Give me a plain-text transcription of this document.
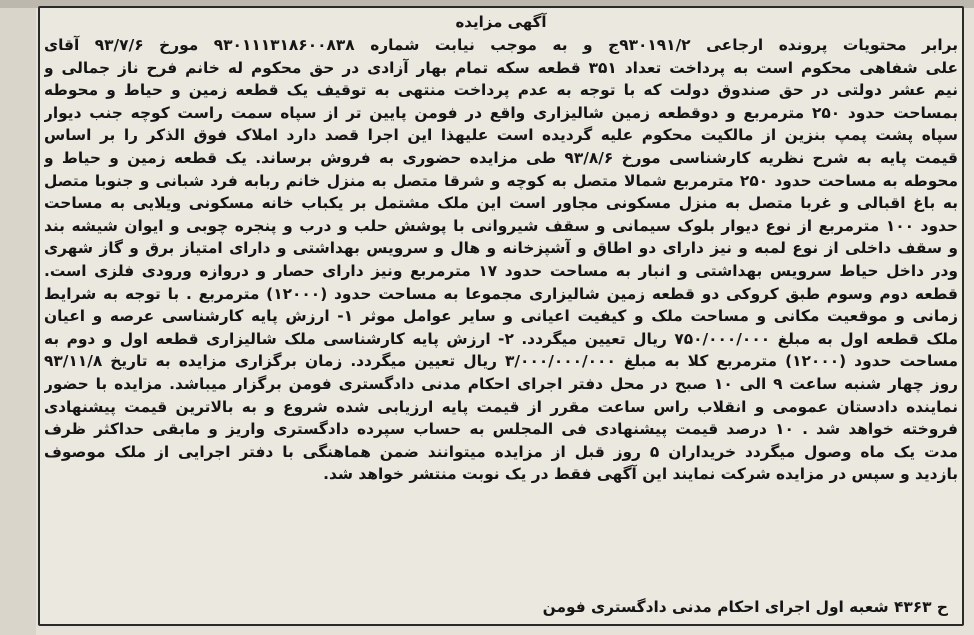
آگهی مزایده
برابر محتویات پرونده ارجاعی ۹۳۰۱۹۱/۲ج و به موجب نیابت شماره ۹۳۰۱۱۱۳۱۸۶۰۰۸۳۸ مورخ ۹۳/۷/۶ آقای
علی شفاهی محکوم است به پرداخت تعداد ۳۵۱ قطعه سکه تمام بهار آزادی در حق محکوم له خانم فرح ناز جمالی و
نیم عشر دولتی در حق صندوق دولت که با توجه به عدم پرداخت منتهی به توقیف یک قطعه زمین و حیاط و محوطه
بمساحت حدود ۲۵۰ مترمربع و دوقطعه زمین شالیزاری واقع در فومن پایین تر از سپاه سمت راست کوچه جنب دیوار
سپاه پشت پمپ بنزین از مالکیت محکوم علیه گردیده است علیهذا این اجرا قصد دارد املاک فوق الذکر را بر اساس
قیمت پایه به شرح نظریه کارشناسی مورخ ۹۳/۸/۶ طی مزایده حضوری به فروش برساند. یک قطعه زمین و حیاط و
محوطه به مساحت حدود ۲۵۰ مترمربع شمالا متصل به کوچه و شرقا متصل به منزل خانم ربابه فرد شبانی و جنوبا متصل
به باغ اقبالی و غربا متصل به منزل مسکونی مجاور است این ملک مشتمل بر یکباب خانه مسکونی ویلایی به مساحت
حدود ۱۰۰ مترمربع از نوع دیوار بلوک سیمانی و سقف شیروانی با پوشش حلب و درب و پنجره چوبی و ایوان شیشه بند
و سقف داخلی از نوع لمبه و نیز دارای دو اطاق و آشپزخانه و هال و سرویس بهداشتی و دارای امتیاز برق و گاز شهری
ودر داخل حیاط سرویس بهداشتی و انبار به مساحت حدود ۱۷ مترمربع ونیز دارای حصار و دروازه ورودی فلزی است.
قطعه دوم وسوم طبق کروکی دو قطعه زمین شالیزاری مجموعا به مساحت حدود (۱۲۰۰۰) مترمربع . با توجه به شرایط
زمانی و موقعیت مکانی و مساحت ملک و کیفیت اعیانی و سایر عوامل موثر ۱- ارزش پایه کارشناسی عرصه و اعیان
ملک قطعه اول به مبلغ ۷۵۰/۰۰۰/۰۰۰ ریال تعیین میگردد. ۲- ارزش پایه کارشناسی ملک شالیزاری قطعه اول و دوم به
مساحت حدود (۱۲۰۰۰) مترمربع کلا به مبلغ ۳/۰۰۰/۰۰۰/۰۰۰ ریال تعیین میگردد. زمان برگزاری مزایده به تاریخ ۹۳/۱۱/۸
روز چهار شنبه ساعت ۹ الی ۱۰ صبح در محل دفتر اجرای احکام مدنی دادگستری فومن برگزار میباشد. مزایده با حضور
نماینده دادستان عمومی و انقلاب راس ساعت مقرر از قیمت پایه ارزیابی شده شروع و به بالاترین قیمت پیشنهادی
فروخته خواهد شد . ۱۰ درصد قیمت پیشنهادی فی المجلس به حساب سپرده دادگستری واریز و مابقی حداکثر ظرف
مدت یک ماه وصول میگردد خریداران ۵ روز قبل از مزایده میتوانند ضمن هماهنگی با دفتر اجرایی از ملک موصوف
بازدید و سپس در مزایده شرکت نمایند این آگهی فقط در یک نوبت منتشر خواهد شد.
ح ۴۳۶۳ شعبه اول اجرای احکام مدنی دادگستری فومن
